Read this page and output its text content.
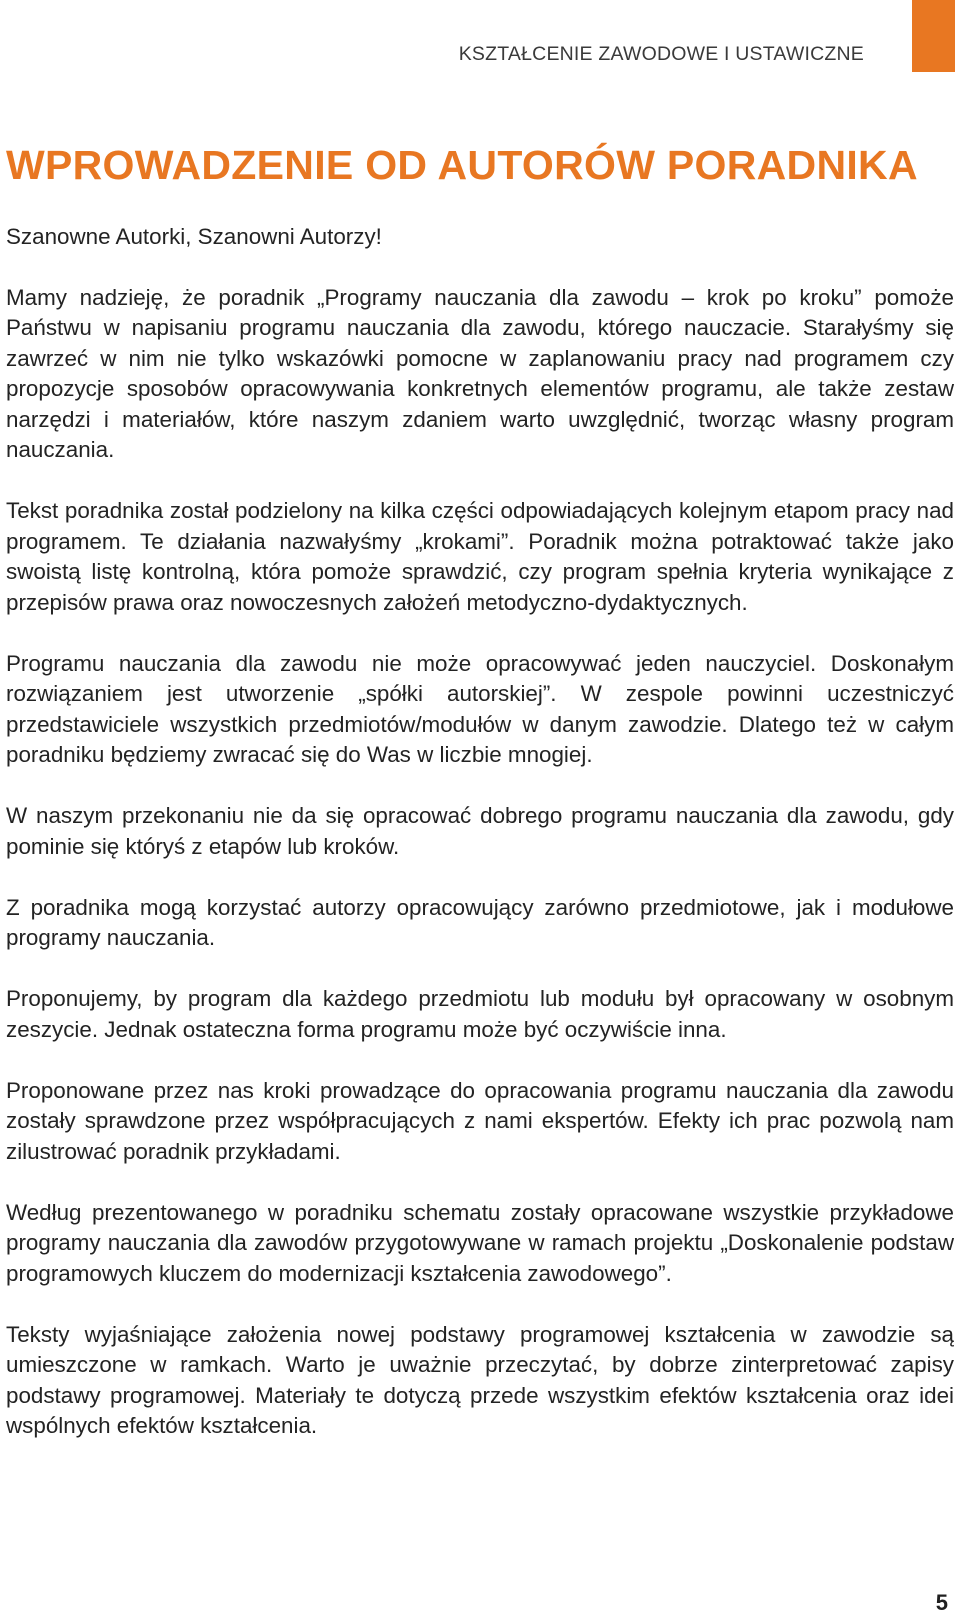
KSZTAŁCENIE ZAWODOWE I USTAWICZNE
WPROWADZENIE OD AUTORÓW PORADNIKA

Szanowne Autorki, Szanowni Autorzy!

Mamy nadzieję, że poradnik „Programy nauczania dla zawodu – krok po kroku” pomoże Państwu w napisaniu programu nauczania dla zawodu, którego nauczacie. Starałyśmy się zawrzeć w nim nie tylko wskazówki pomocne w zaplanowaniu pracy nad programem czy propozycje sposobów opracowywania konkretnych elementów programu, ale także zestaw narzędzi i materiałów, które naszym zdaniem warto uwzględnić, tworząc własny program nauczania.

Tekst poradnika został podzielony na kilka części odpowiadających kolejnym etapom pracy nad programem. Te działania nazwałyśmy „krokami”. Poradnik można potraktować także jako swoistą listę kontrolną, która pomoże sprawdzić, czy program spełnia kryteria wynikające z przepisów prawa oraz nowoczesnych założeń metodyczno-dydaktycznych.

Programu nauczania dla zawodu nie może opracowywać jeden nauczyciel. Doskonałym rozwiązaniem jest utworzenie „spółki autorskiej”. W zespole powinni uczestniczyć przedstawiciele wszystkich przedmiotów/modułów w danym zawodzie. Dlatego też w całym poradniku będziemy zwracać się do Was w liczbie mnogiej.

W naszym przekonaniu nie da się opracować dobrego programu nauczania dla zawodu, gdy pominie się któryś z etapów lub kroków.

Z poradnika mogą korzystać autorzy opracowujący zarówno przedmiotowe, jak i modułowe programy nauczania.

Proponujemy, by program dla każdego przedmiotu lub modułu był opracowany w osobnym zeszycie. Jednak ostateczna forma programu może być oczywiście inna.

Proponowane przez nas kroki prowadzące do opracowania programu nauczania dla zawodu zostały sprawdzone przez współpracujących z nami ekspertów. Efekty ich prac pozwolą nam zilustrować poradnik przykładami.

Według prezentowanego w poradniku schematu zostały opracowane wszystkie przykładowe programy nauczania dla zawodów przygotowywane w ramach projektu „Doskonalenie podstaw programowych kluczem do modernizacji kształcenia zawodowego”.

Teksty wyjaśniające założenia nowej podstawy programowej kształcenia w zawodzie są umieszczone w ramkach. Warto je uważnie przeczytać, by dobrze zinterpretować zapisy podstawy programowej. Materiały te dotyczą przede wszystkim efektów kształcenia oraz idei wspólnych efektów kształcenia.

5
